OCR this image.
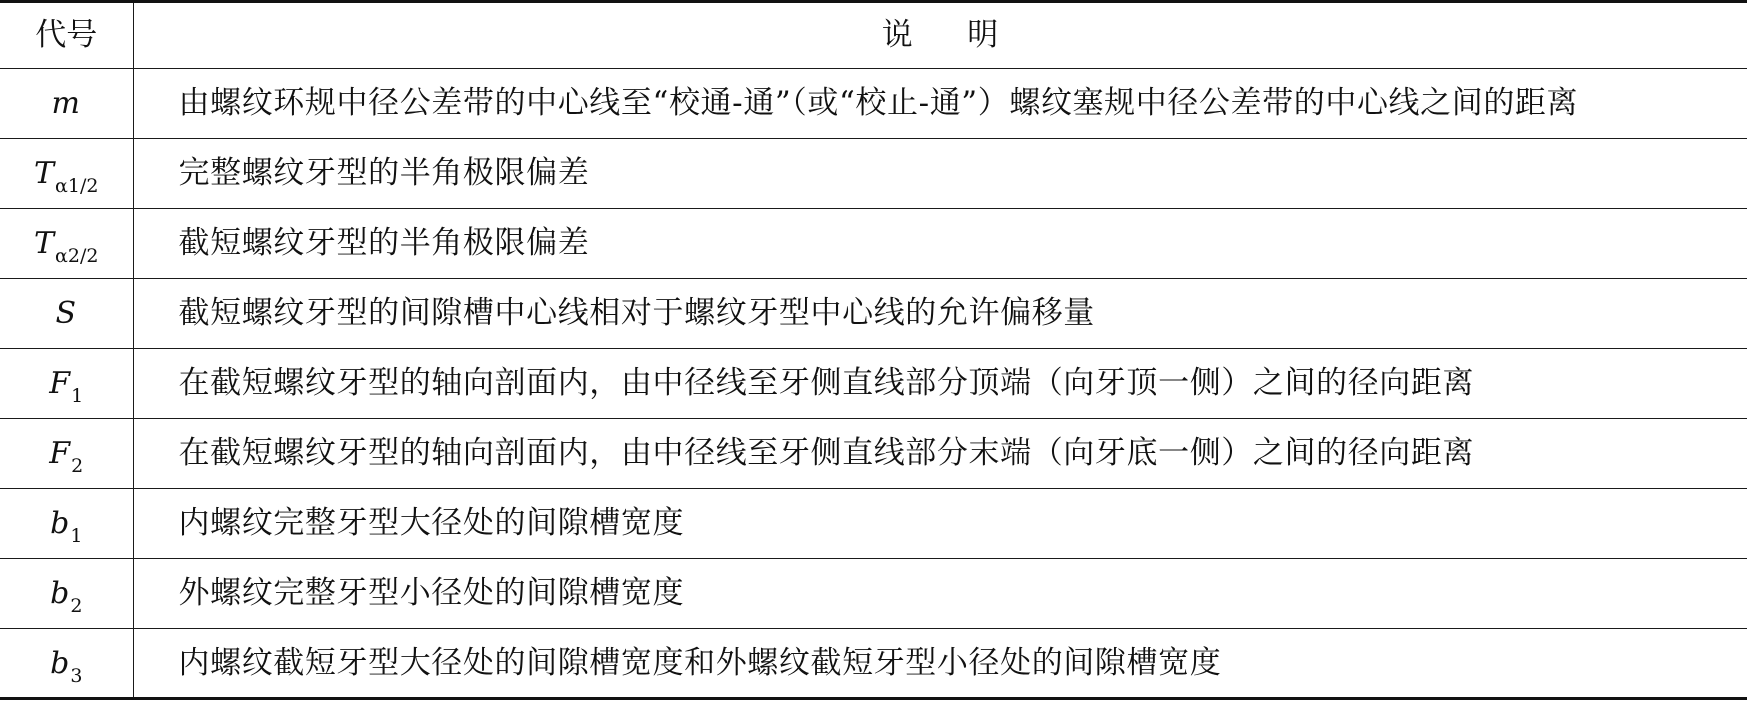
代号	说 明
m	由螺纹环规中径公差带的中心线至“校通-通”（或“校止-通”）螺纹塞规中径公差带的中心线之间的距离
$T_{\alpha 1/2}$	完整螺纹牙型的半角极限偏差
$T_{\alpha 2/2}$	截短螺纹牙型的半角极限偏差
S	截短螺纹牙型的间隙槽中心线相对于螺纹牙型中心线的允许偏移量
$F_1$	在截短螺纹牙型的轴向剖面内，由中径线至牙侧直线部分顶端（向牙顶一侧）之间的径向距离
$F_2$	在截短螺纹牙型的轴向剖面内，由中径线至牙侧直线部分末端（向牙底一侧）之间的径向距离
$b_1$	内螺纹完整牙型大径处的间隙槽宽度
$b_2$	外螺纹完整牙型小径处的间隙槽宽度
$b_3$	内螺纹截短牙型大径处的间隙槽宽度和外螺纹截短牙型小径处的间隙槽宽度
